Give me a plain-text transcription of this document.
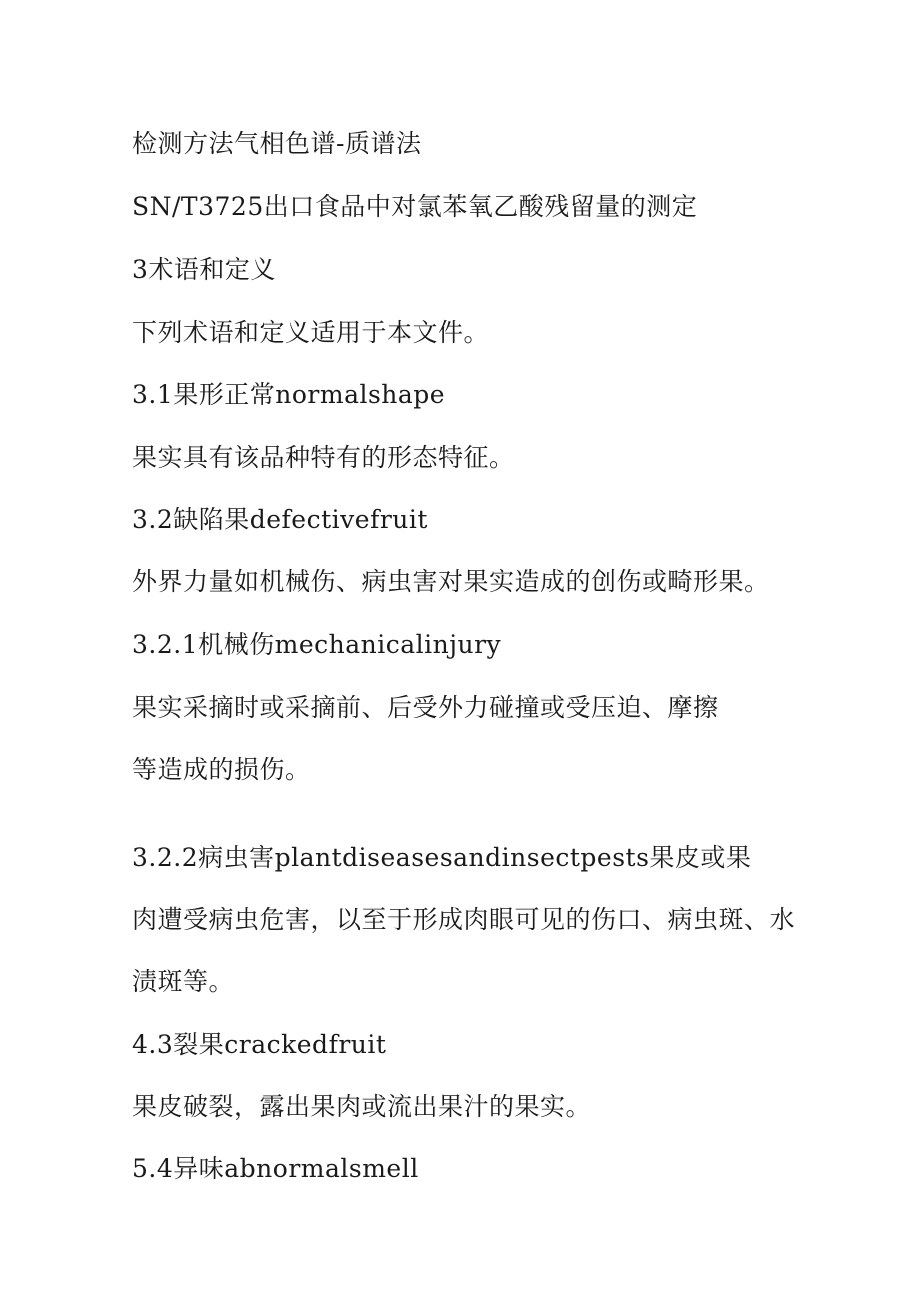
检测方法气相色谱-质谱法

SN/T3725出口食品中对氯苯氧乙酸残留量的测定

3术语和定义

下列术语和定义适用于本文件。

3.1果形正常normalshape

果实具有该品种特有的形态特征。

3.2缺陷果defectivefruit

外界力量如机械伤、病虫害对果实造成的创伤或畸形果。

3.2.1机械伤mechanicalinjury

果实采摘时或采摘前、后受外力碰撞或受压迫、摩擦

等造成的损伤。

3.2.2病虫害plantdiseasesandinsectpests果皮或果

肉遭受病虫危害，以至于形成肉眼可见的伤口、病虫斑、水

渍斑等。

4.3裂果crackedfruit

果皮破裂，露出果肉或流出果汁的果实。

5.4异味abnormalsmell
